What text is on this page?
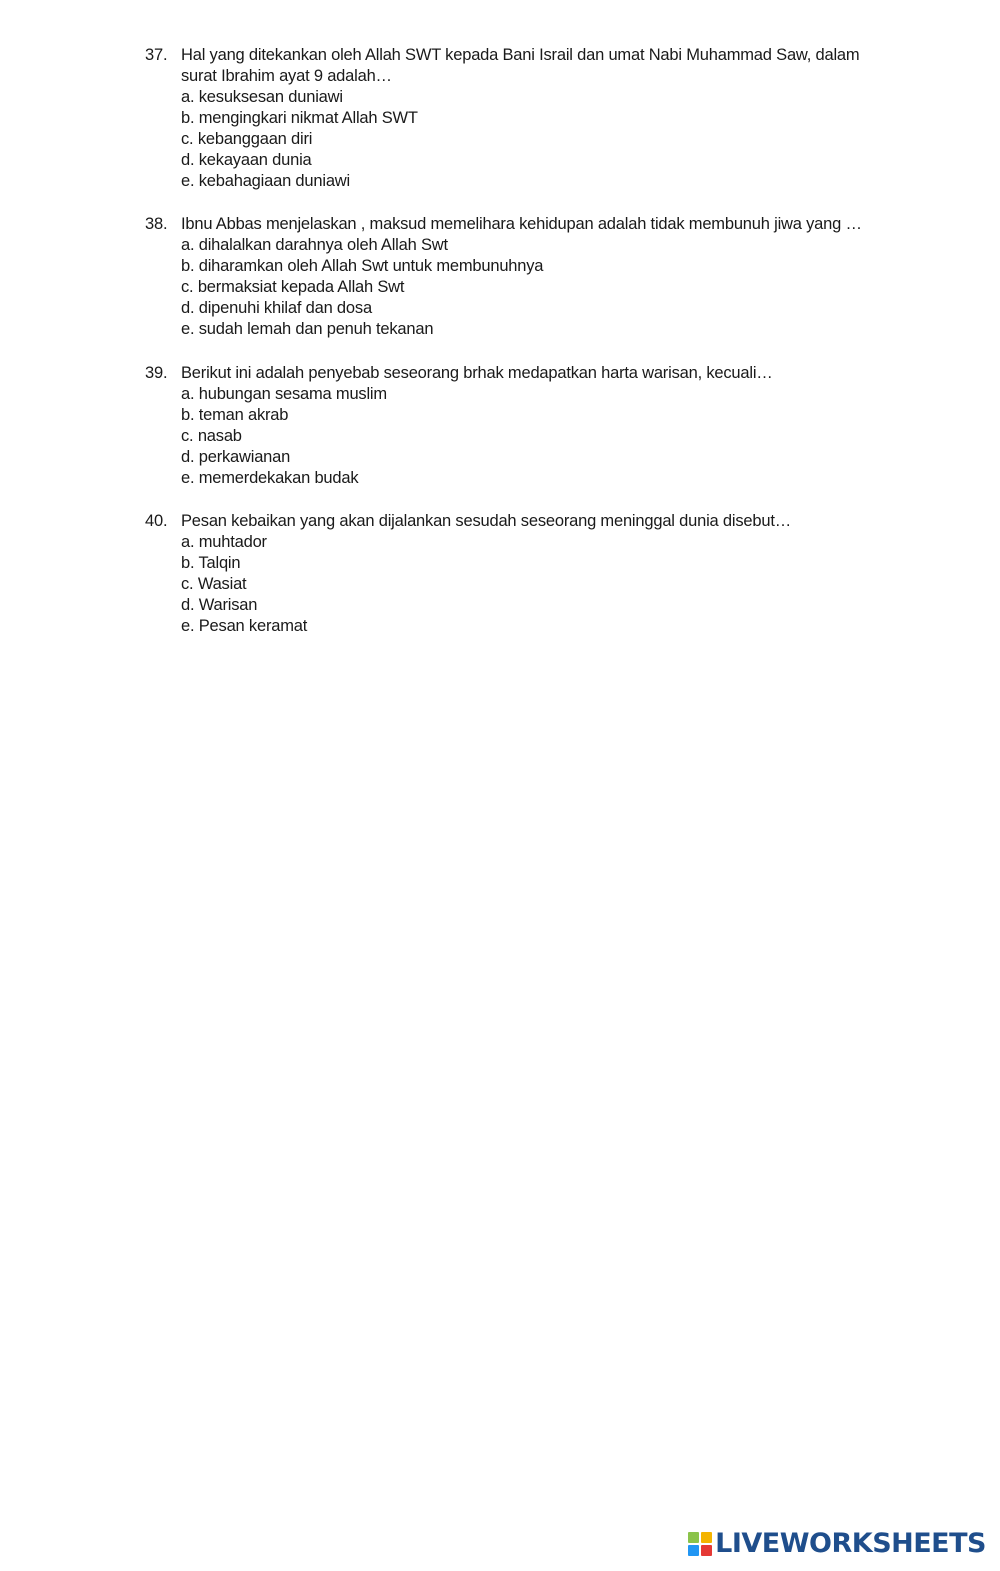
37. Hal yang ditekankan oleh Allah SWT kepada Bani Israil dan umat Nabi Muhammad Saw, dalam surat Ibrahim ayat 9 adalah…
a. kesuksesan duniawi
b. mengingkari nikmat Allah SWT
c. kebanggaan diri
d. kekayaan dunia
e. kebahagiaan duniawi
38. Ibnu Abbas menjelaskan , maksud memelihara kehidupan adalah tidak membunuh jiwa yang …
a. dihalalkan darahnya oleh Allah Swt
b. diharamkan oleh Allah Swt untuk membunuhnya
c. bermaksiat kepada Allah Swt
d. dipenuhi khilaf dan dosa
e. sudah lemah dan penuh tekanan
39. Berikut ini adalah penyebab seseorang brhak medapatkan harta warisan, kecuali…
a. hubungan sesama muslim
b. teman akrab
c. nasab
d. perkawianan
e. memerdekakan budak
40. Pesan kebaikan yang akan dijalankan sesudah seseorang meninggal dunia disebut…
a. muhtador
b. Talqin
c. Wasiat
d. Warisan
e. Pesan keramat
LIVEWORKSHEETS
